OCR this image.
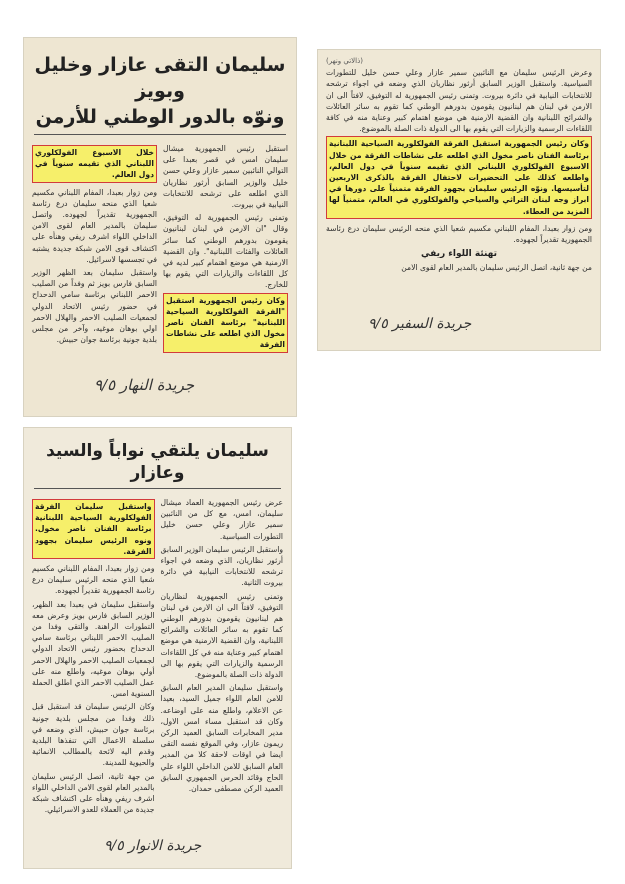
سليمان التقى عازار وخليل وبويز
ونوّه بالدور الوطني للأرمن

استقبل رئيس الجمهورية ميشال سليمان امس في قصر بعبدا على التوالي النائبين سمير عازار وعلي حسن خليل والوزير السابق أرثور نظاريان الذي اطلعه على ترشحه للانتخابات النيابية في بيروت.

وتمنى رئيس الجمهورية له التوفيق، وقال "ان الارمن في لبنان لبنانيون يقومون بدورهم الوطني كما سائر العائلات والفئات اللبنانية". وان القضية الارمنية هي موضع اهتمام كبير لديه في كل اللقاءات والزيارات التي يقوم بها للخارج.

وكان رئيس الجمهورية استقبل "الفرقة الفولكلورية السياحية اللبنانية" برئاسة الفنان ناصر مخول الذي اطلعه على نشاطات الفرقة
خلال الاسبوع الفولكلوري اللبناني الذي تقيمه سنوياً في دول العالم.

ومن زوار بعبدا، المفام اللبناني مكسيم شعيا الذي منحه سليمان درع رئاسة الجمهورية تقديراً لجهوده. واتصل سليمان بالمدير العام لقوى الامن الداخلي اللواء اشرف ريفي وهنأه على اكتشاف قوى الامن شبكة جديدة يشتبه في تجسسها لاسرائيل.

واستقبل سليمان بعد الظهر الوزير السابق فارس بويز ثم وفداً من الصليب الاحمر اللبناني برئاسة سامي الدحداح في حضور رئيس الاتحاد الدولي لجمعيات الصليب الاحمر والهلال الاحمر اولي بوهان موغيه، وآخر من مجلس بلدية جونية برئاسة جوان حبيش.

جريدة النهار ٩/٥
(ذالاتي ونهر)

وعرض الرئيس سليمان مع النائبين سمير عازار وعلي حسن خليل للتطورات السياسية. واستقبل الوزير السابق أرثور نظاريان الذي وضعه في اجواء ترشحه للانتخابات النيابية في دائرة بيروت. وتمنى رئيس الجمهورية له التوفيق، لافتاً الى ان الارمن في لبنان هم لبنانيون يقومون بدورهم الوطني كما تقوم به سائر العائلات والشرائح اللبنانية وان القضية الارمنية هي موضع اهتمام كبير وعناية منه في كافة اللقاءات الرسمية والزيارات التي يقوم بها الى الدولة ذات الصلة بالموضوع.

وكان رئيس الجمهورية استقبل الفرقة الفولكلورية السياحية اللبنانية برئاسة الفنان ناصر مخول الذي اطلعه على نشاطات الفرقة من خلال الاسبوع الفولكلوري اللبناني الذي تقيمه سنوياً في دول العالم، واطلعه كذلك على التحضيرات لاحتفال الفرقة بالذكرى الاربعين لتأسيسها. ونوّه الرئيس سليمان بجهود الفرقة متمنياً على دورها في ابراز وجه لبنان التراثي والسياحي والفولكلوري في العالم، متمنياً لها المزيد من العطاء.

ومن زوار بعبدا، المفام اللبناني مكسيم شعيا الذي منحه الرئيس سليمان درع رئاسة الجمهورية تقديراً لجهوده.

تهنئة اللواء ريفي

من جهة ثانية، اتصل الرئيس سليمان بالمدير العام لقوى الامن

جريدة السفير ٩/٥
سليمان يلتقي نواباً والسيد وعازار

عرض رئيس الجمهورية العماد ميشال سليمان، امس، مع كل من النائبين سمير عازار وعلي حسن خليل التطورات السياسية.

واستقبل الرئيس سليمان الوزير السابق أرثور نظاريان، الذي وضعه في اجواء ترشحه للانتخابات النيابية في دائرة بيروت الثانية.

وتمنى رئيس الجمهورية لنظاريان التوفيق، لافتاً الى ان الارمن في لبنان هم لبنانيون يقومون بدورهم الوطني كما تقوم به سائر العائلات والشرائح اللبنانية، وان القضية الارمنية هي موضع اهتمام كبير وعناية منه في كل اللقاءات الرسمية والزيارات التي يقوم بها الى الدولة ذات الصلة بالموضوع.

واستقبل سليمان المدير العام السابق للامن العام اللواء جميل السيد، بعيدا عن الاعلام، واطلع منه على اوضاعه. وكان قد استقبل مساء امس الاول، مدير المخابرات السابق العميد الركن ريمون عازار، وفي الموقع نفسه التقى ايضا في اوقات لاحقة كلا من المدير العام السابق للامن الداخلي اللواء علي الحاج وقائد الحرس الجمهوري السابق العميد الركن مصطفى حمدان.

واستقبل سليمان الفرقة الفولكلورية السياحية اللبنانية برئاسة الفنان ناصر مخول. ونوه الرئيس سليمان بجهود الفرقة.

ومن زوار بعبدا، المفام اللبناني مكسيم شعيا الذي منحه الرئيس سليمان درع رئاسة الجمهورية تقديراً لجهوده.

واستقبل سليمان في بعبدا بعد الظهر، الوزير السابق فارس بويز وعرض معه التطورات الراهنة. والتقى وفدا من الصليب الاحمر اللبناني برئاسة سامي الدحداح بحضور رئيس الاتحاد الدولي لجمعيات الصليب الاحمر والهلال الاحمر أولي بوهان موغيه، واطلع منه على عمل الصليب الاحمر الذي اطلق الحملة السنوية امس.

وكان الرئيس سليمان قد استقبل قبل ذلك وفدا من مجلس بلدية جونية برئاسة جوان حبيش، الذي وضعه في سلسلة الاعمال التي تنفذها البلدية وقدم اليه لائحة بالمطالب الانمائية والحيوية للمدينة.

من جهة ثانية، اتصل الرئيس سليمان بالمدير العام لقوى الامن الداخلي اللواء اشرف ريفي وهنأه على اكتشاف شبكة جديدة من العملاء للعدو الاسرائيلي.

جريدة الانوار ٩/٥
